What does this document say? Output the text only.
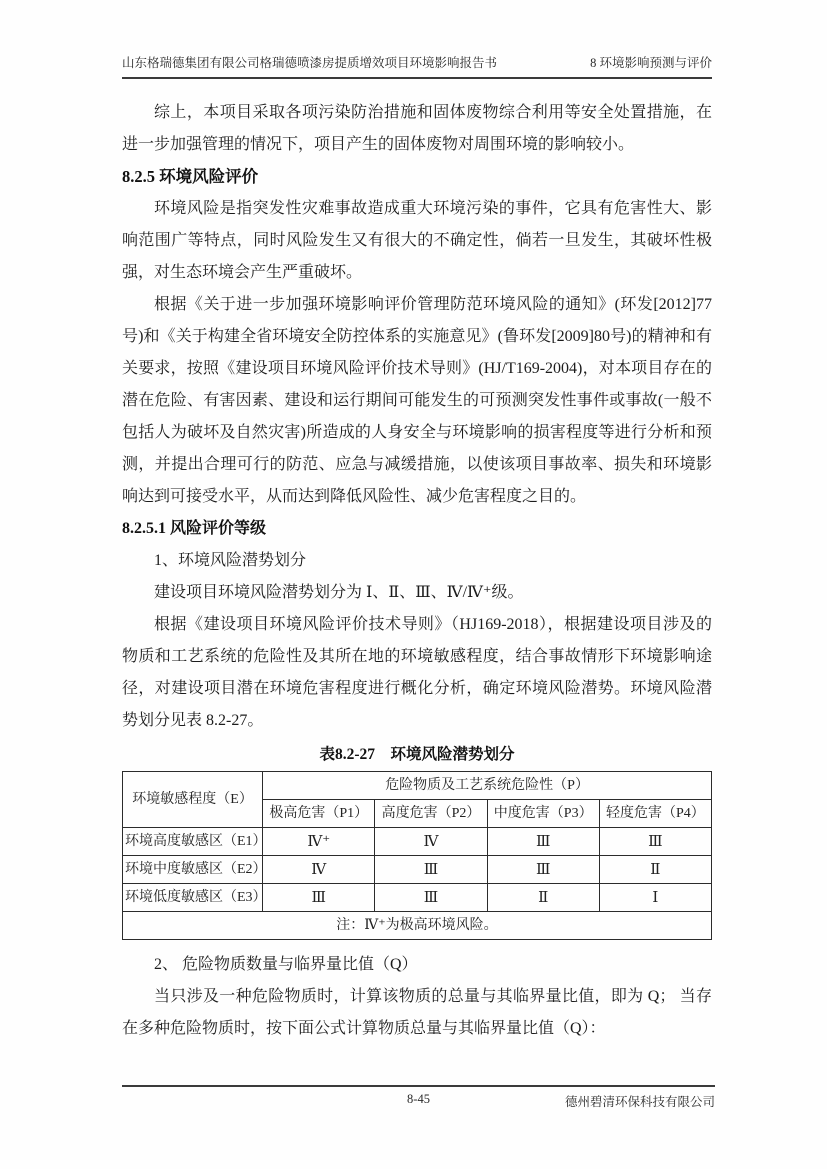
山东格瑞德集团有限公司格瑞德喷漆房提质增效项目环境影响报告书	8 环境影响预测与评价

综上，本项目采取各项污染防治措施和固体废物综合利用等安全处置措施，在进一步加强管理的情况下，项目产生的固体废物对周围环境的影响较小。

8.2.5 环境风险评价

环境风险是指突发性灾难事故造成重大环境污染的事件，它具有危害性大、影响范围广等特点，同时风险发生又有很大的不确定性，倘若一旦发生，其破坏性极强，对生态环境会产生严重破坏。

根据《关于进一步加强环境影响评价管理防范环境风险的通知》(环发[2012]77 号)和《关于构建全省环境安全防控体系的实施意见》(鲁环发[2009]80号)的精神和有关要求，按照《建设项目环境风险评价技术导则》(HJ/T169-2004)，对本项目存在的潜在危险、有害因素、建设和运行期间可能发生的可预测突发性事件或事故(一般不包括人为破坏及自然灾害)所造成的人身安全与环境影响的损害程度等进行分析和预测，并提出合理可行的防范、应急与减缓措施，以使该项目事故率、损失和环境影响达到可接受水平，从而达到降低风险性、减少危害程度之目的。

8.2.5.1 风险评价等级

1、环境风险潜势划分

建设项目环境风险潜势划分为 Ⅰ、Ⅱ、Ⅲ、Ⅳ/Ⅳ⁺级。

根据《建设项目环境风险评价技术导则》（HJ169-2018），根据建设项目涉及的物质和工艺系统的危险性及其所在地的环境敏感程度，结合事故情形下环境影响途径，对建设项目潜在环境危害程度进行概化分析，确定环境风险潜势。环境风险潜势划分见表 8.2-27。

表8.2-27　环境风险潜势划分
环境敏感程度（E）	危险物质及工艺系统危险性（P）			
	极高危害（P1）	高度危害（P2）	中度危害（P3）	轻度危害（P4）
环境高度敏感区（E1）	Ⅳ⁺	Ⅳ	Ⅲ	Ⅲ
环境中度敏感区（E2）	Ⅳ	Ⅲ	Ⅲ	Ⅱ
环境低度敏感区（E3）	Ⅲ	Ⅲ	Ⅱ	Ⅰ
注：Ⅳ⁺为极高环境风险。				

2、 危险物质数量与临界量比值（Q）

当只涉及一种危险物质时，计算该物质的总量与其临界量比值，即为 Q； 当存在多种危险物质时，按下面公式计算物质总量与其临界量比值（Q）：

8-45	德州碧清环保科技有限公司
